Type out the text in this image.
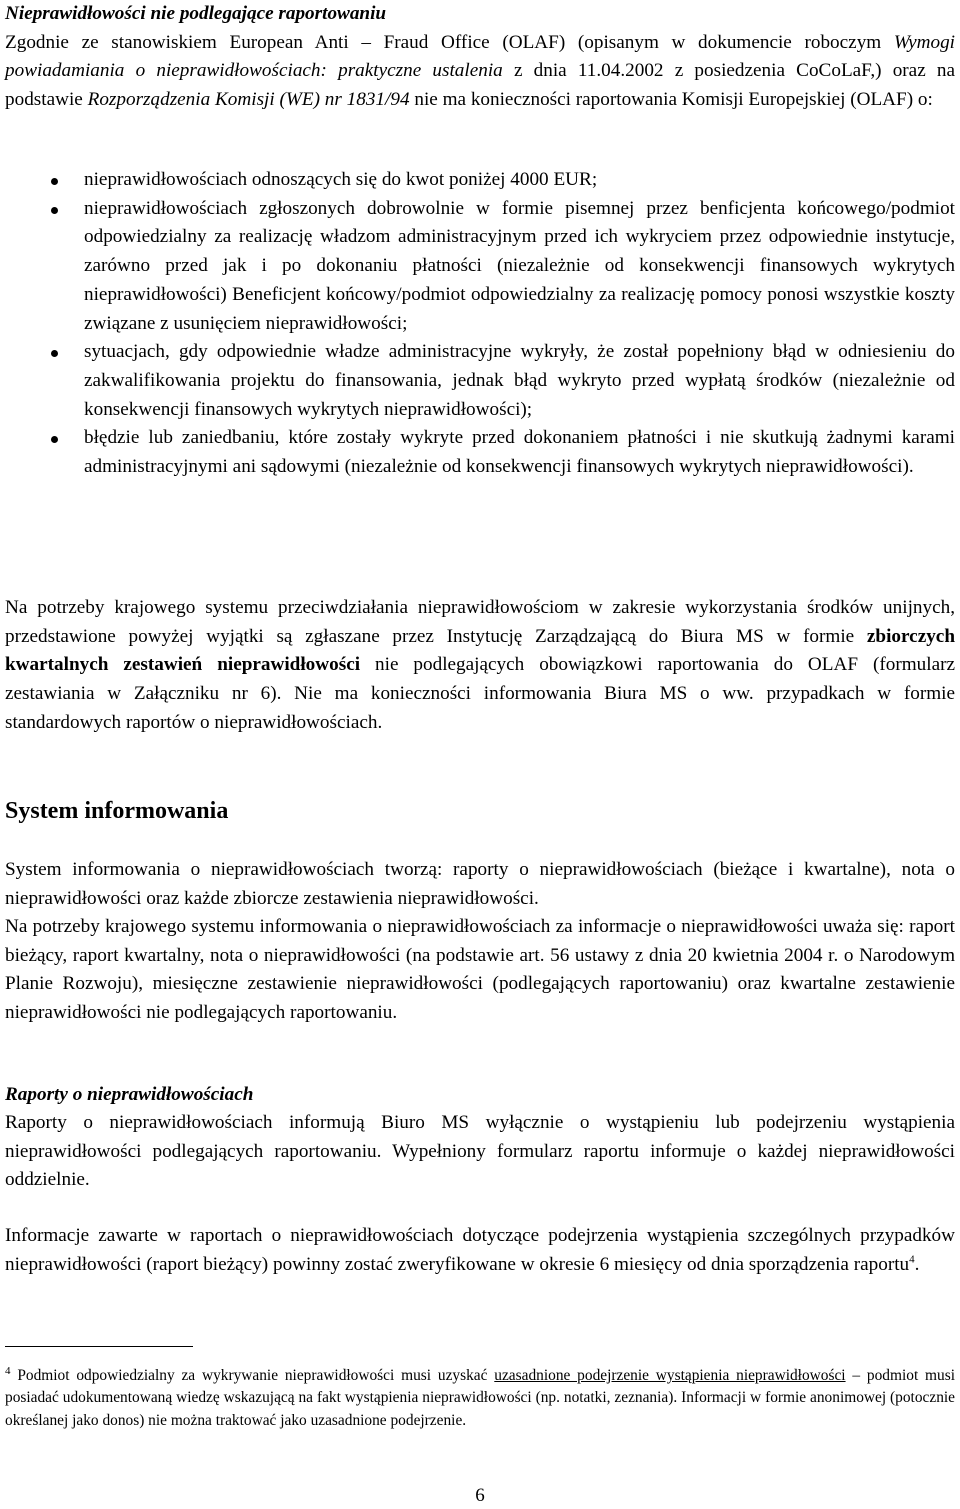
Nieprawidłowości nie podlegające raportowaniu
Zgodnie ze stanowiskiem European Anti – Fraud Office (OLAF) (opisanym w dokumencie roboczym Wymogi powiadamiania o nieprawidłowościach: praktyczne ustalenia z dnia 11.04.2002 z posiedzenia CoCoLaF,) oraz na podstawie Rozporządzenia Komisji (WE) nr 1831/94 nie ma konieczności raportowania Komisji Europejskiej (OLAF) o:
nieprawidłowościach odnoszących się do kwot poniżej 4000 EUR;
nieprawidłowościach zgłoszonych dobrowolnie w formie pisemnej przez benficjenta końcowego/podmiot odpowiedzialny za realizację władzom administracyjnym przed ich wykryciem przez odpowiednie instytucje, zarówno przed jak i po dokonaniu płatności (niezależnie od konsekwencji finansowych wykrytych nieprawidłowości) Beneficjent końcowy/podmiot odpowiedzialny za realizację pomocy ponosi wszystkie koszty związane z usunięciem nieprawidłowości;
sytuacjach, gdy odpowiednie władze administracyjne wykryły, że został popełniony błąd w odniesieniu do zakwalifikowania projektu do finansowania, jednak błąd wykryto przed wypłatą środków (niezależnie od konsekwencji finansowych wykrytych nieprawidłowości);
błędzie lub zaniedbaniu, które zostały wykryte przed dokonaniem płatności i nie skutkują żadnymi karami administracyjnymi ani sądowymi (niezależnie od konsekwencji finansowych wykrytych nieprawidłowości).
Na potrzeby krajowego systemu przeciwdziałania nieprawidłowościom w zakresie wykorzystania środków unijnych, przedstawione powyżej wyjątki są zgłaszane przez Instytucję Zarządzającą do Biura MS w formie zbiorczych kwartalnych zestawień nieprawidłowości nie podlegających obowiązkowi raportowania do OLAF (formularz zestawiania w Załączniku nr 6). Nie ma konieczności informowania Biura MS o ww. przypadkach w formie standardowych raportów o nieprawidłowościach.
System informowania
System informowania o nieprawidłowościach tworzą: raporty o nieprawidłowościach (bieżące i kwartalne), nota o nieprawidłowości oraz każde zbiorcze zestawienia nieprawidłowości.
Na potrzeby krajowego systemu informowania o nieprawidłowościach za informacje o nieprawidłowości uważa się: raport bieżący, raport kwartalny, nota o nieprawidłowości (na podstawie art. 56 ustawy z dnia 20 kwietnia 2004 r. o Narodowym Planie Rozwoju), miesięczne zestawienie nieprawidłowości (podlegających raportowaniu) oraz kwartalne zestawienie nieprawidłowości nie podlegających raportowaniu.
Raporty o nieprawidłowościach
Raporty o nieprawidłowościach informują Biuro MS wyłącznie o wystąpieniu lub podejrzeniu wystąpienia nieprawidłowości podlegających raportowaniu. Wypełniony formularz raportu informuje o każdej nieprawidłowości oddzielnie.
Informacje zawarte w raportach o nieprawidłowościach dotyczące podejrzenia wystąpienia szczególnych przypadków nieprawidłowości (raport bieżący) powinny zostać zweryfikowane w okresie 6 miesięcy od dnia sporządzenia raportu$^4$.
$^4$ Podmiot odpowiedzialny za wykrywanie nieprawidłowości musi uzyskać uzasadnione podejrzenie wystąpienia nieprawidłowości – podmiot musi posiadać udokumentowaną wiedzę wskazującą na fakt wystąpienia nieprawidłowości (np. notatki, zeznania). Informacji w formie anonimowej (potocznie określanej jako donos) nie można traktować jako uzasadnione podejrzenie.
6
